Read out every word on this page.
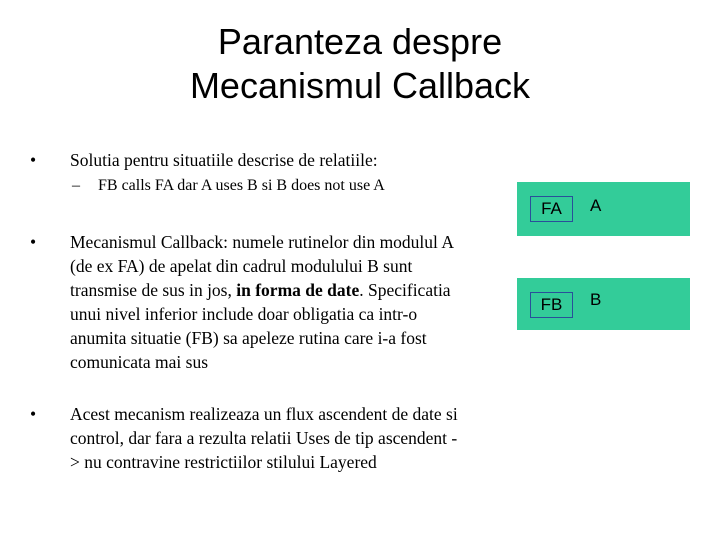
Paranteza despre
Mecanismul Callback
•	Solutia pentru situatiile descrise de relatiile:
– FB calls FA dar A uses B si B does not use A
•	Mecanismul Callback: numele rutinelor din modulul A (de ex FA) de apelat din cadrul modulului B sunt transmise de sus in jos, in forma de date. Specificatia unui nivel inferior include doar obligatia ca intr-o anumita situatie (FB) sa apeleze rutina care i-a fost comunicata mai sus
•	Acest mecanism realizeaza un flux ascendent de date si control, dar fara a rezulta relatii Uses de tip ascendent -> nu contravine restrictiilor stilului Layered
FA	A
FB	B
